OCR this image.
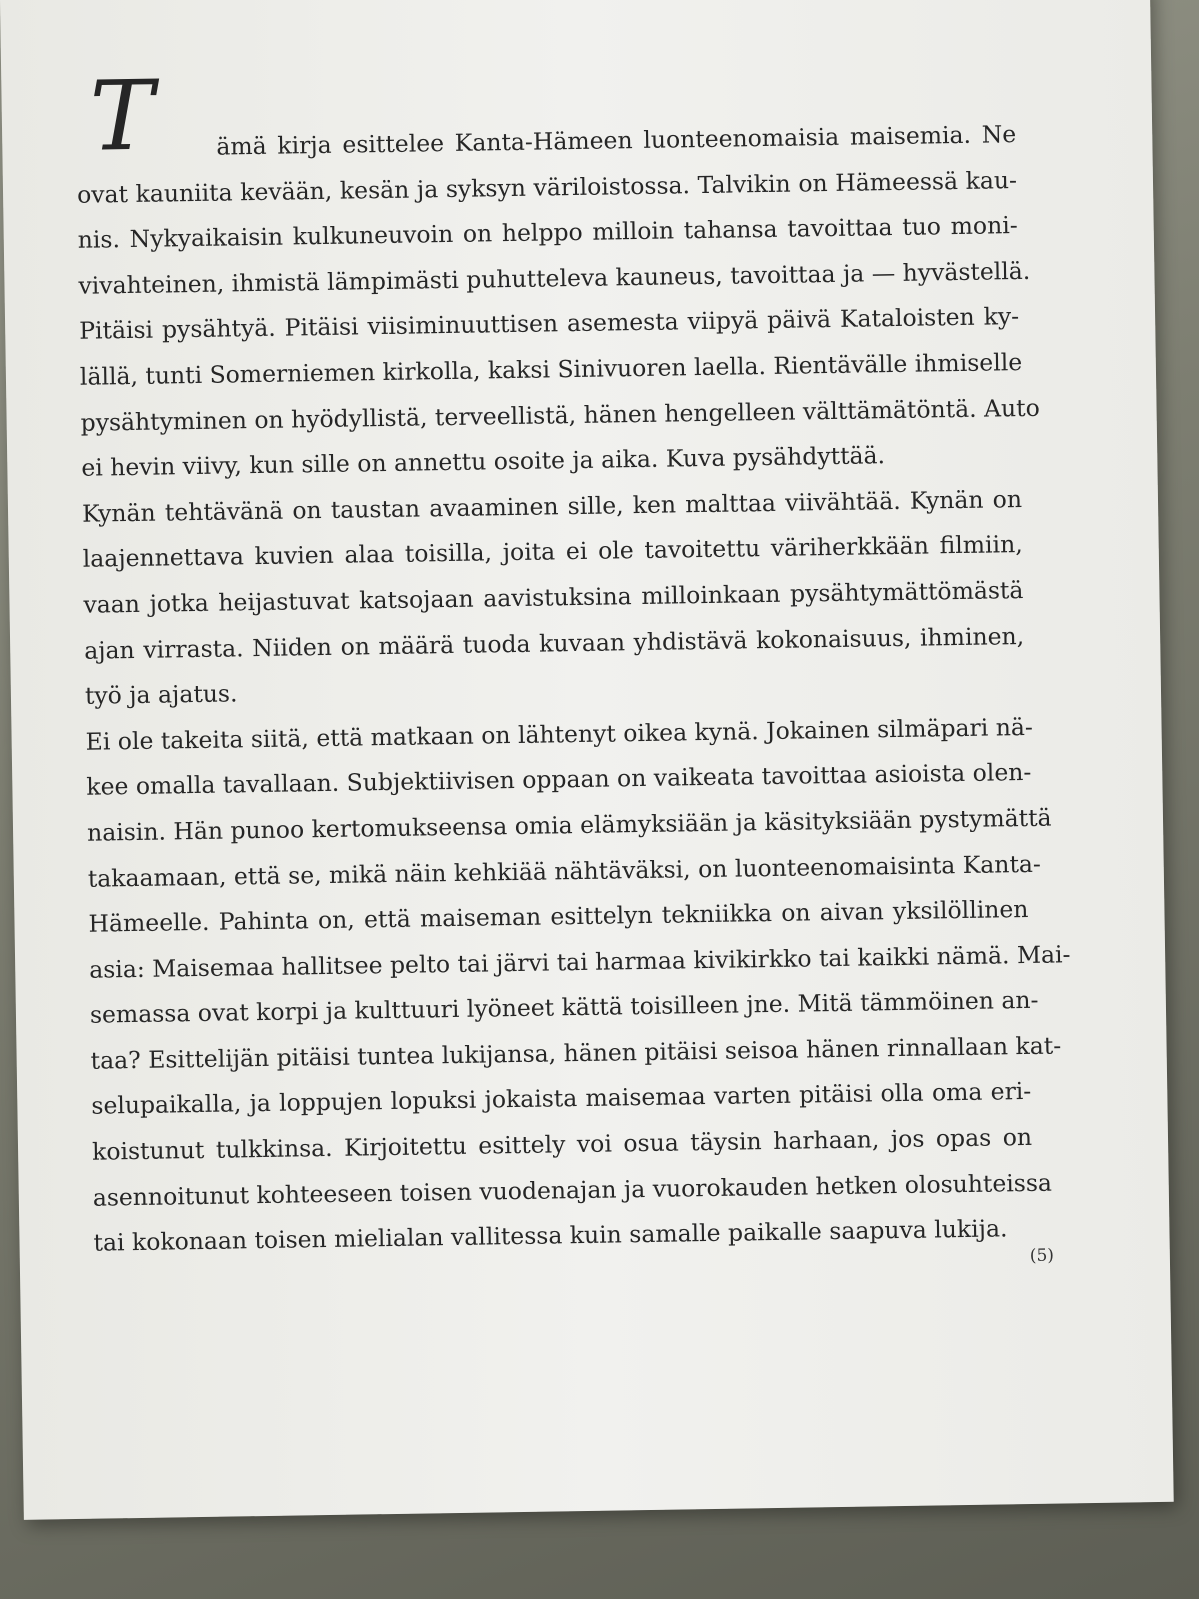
T	ämä kirja esittelee Kanta-Hämeen luonteenomaisia maisemia. Ne
ovat kauniita kevään, kesän ja syksyn väriloistossa. Talvikin on Hämeessä kau-
nis. Nykyaikaisin kulkuneuvoin on helppo milloin tahansa tavoittaa tuo moni-
vivahteinen, ihmistä lämpimästi puhutteleva kauneus, tavoittaa ja — hyvästellä.
Pitäisi pysähtyä. Pitäisi viisiminuuttisen asemesta viipyä päivä Kataloisten ky-
lällä, tunti Somerniemen kirkolla, kaksi Sinivuoren laella. Rientävälle ihmiselle
pysähtyminen on hyödyllistä, terveellistä, hänen hengelleen välttämätöntä. Auto
ei hevin viivy, kun sille on annettu osoite ja aika. Kuva pysähdyttää.
Kynän tehtävänä on taustan avaaminen sille, ken malttaa viivähtää. Kynän on
laajennettava kuvien alaa toisilla, joita ei ole tavoitettu väriherkkään filmiin,
vaan jotka heijastuvat katsojaan aavistuksina milloinkaan pysähtymättömästä
ajan virrasta. Niiden on määrä tuoda kuvaan yhdistävä kokonaisuus, ihminen,
työ ja ajatus.
Ei ole takeita siitä, että matkaan on lähtenyt oikea kynä. Jokainen silmäpari nä-
kee omalla tavallaan. Subjektiivisen oppaan on vaikeata tavoittaa asioista olen-
naisin. Hän punoo kertomukseensa omia elämyksiään ja käsityksiään pystymättä
takaamaan, että se, mikä näin kehkiää nähtäväksi, on luonteenomaisinta Kanta-
Hämeelle. Pahinta on, että maiseman esittelyn tekniikka on aivan yksilöllinen
asia: Maisemaa hallitsee pelto tai järvi tai harmaa kivikirkko tai kaikki nämä. Mai-
semassa ovat korpi ja kulttuuri lyöneet kättä toisilleen jne. Mitä tämmöinen an-
taa? Esittelijän pitäisi tuntea lukijansa, hänen pitäisi seisoa hänen rinnallaan kat-
selupaikalla, ja loppujen lopuksi jokaista maisemaa varten pitäisi olla oma eri-
koistunut tulkkinsa. Kirjoitettu esittely voi osua täysin harhaan, jos opas on
asennoitunut kohteeseen toisen vuodenajan ja vuorokauden hetken olosuhteissa
tai kokonaan toisen mielialan vallitessa kuin samalle paikalle saapuva lukija.	(5)
